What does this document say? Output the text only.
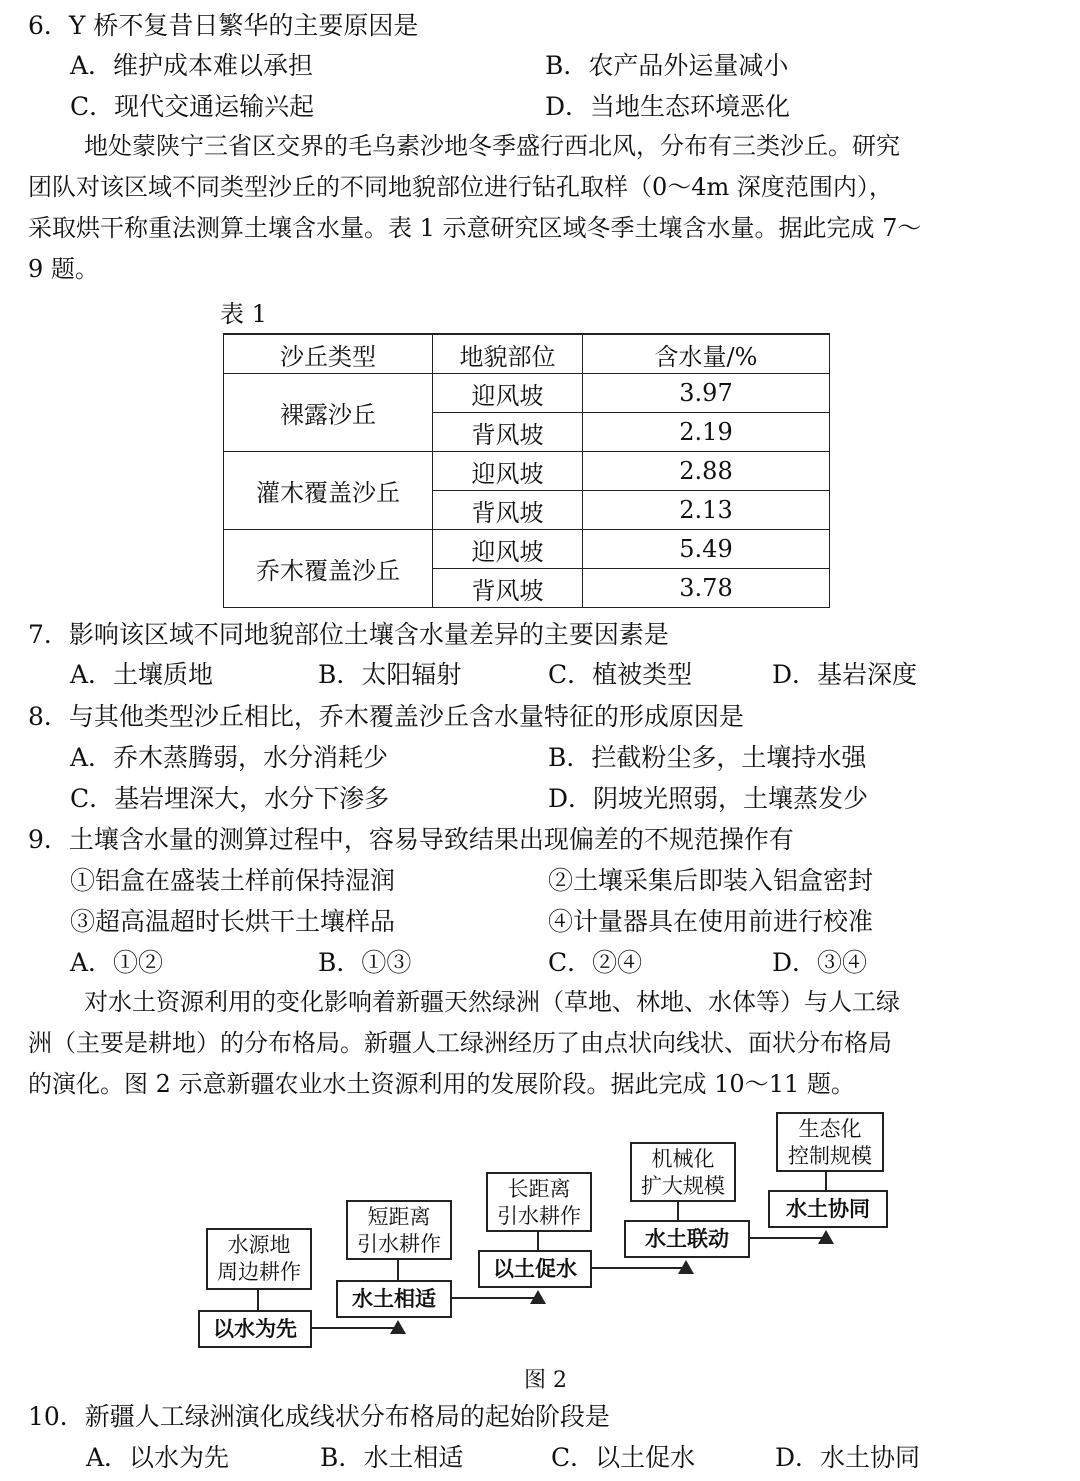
6．Y 桥不复昔日繁华的主要原因是
A．维护成本难以承担	B．农产品外运量减小
C．现代交通运输兴起	D．当地生态环境恶化
地处蒙陕宁三省区交界的毛乌素沙地冬季盛行西北风，分布有三类沙丘。研究
团队对该区域不同类型沙丘的不同地貌部位进行钻孔取样（0～4m 深度范围内），
采取烘干称重法测算土壤含水量。表 1 示意研究区域冬季土壤含水量。据此完成 7～
9 题。
表 1
沙丘类型	地貌部位	含水量/%
裸露沙丘	迎风坡	3.97
	背风坡	2.19
灌木覆盖沙丘	迎风坡	2.88
	背风坡	2.13
乔木覆盖沙丘	迎风坡	5.49
	背风坡	3.78
7．影响该区域不同地貌部位土壤含水量差异的主要因素是
A．土壤质地	B．太阳辐射	C．植被类型	D．基岩深度
8．与其他类型沙丘相比，乔木覆盖沙丘含水量特征的形成原因是
A．乔木蒸腾弱，水分消耗少	B．拦截粉尘多，土壤持水强
C．基岩埋深大，水分下渗多	D．阴坡光照弱，土壤蒸发少
9．土壤含水量的测算过程中，容易导致结果出现偏差的不规范操作有
①铝盒在盛装土样前保持湿润	②土壤采集后即装入铝盒密封
③超高温超时长烘干土壤样品	④计量器具在使用前进行校准
A．①②	B．①③	C．②④	D．③④
对水土资源利用的变化影响着新疆天然绿洲（草地、林地、水体等）与人工绿
洲（主要是耕地）的分布格局。新疆人工绿洲经历了由点状向线状、面状分布格局
的演化。图 2 示意新疆农业水土资源利用的发展阶段。据此完成 10～11 题。
水源地
周边耕作
以水为先
短距离
引水耕作
水土相适
长距离
引水耕作
以土促水
机械化
扩大规模
水土联动
生态化
控制规模
水土协同
图 2
10．新疆人工绿洲演化成线状分布格局的起始阶段是
A．以水为先	B．水土相适	C．以土促水	D．水土协同
